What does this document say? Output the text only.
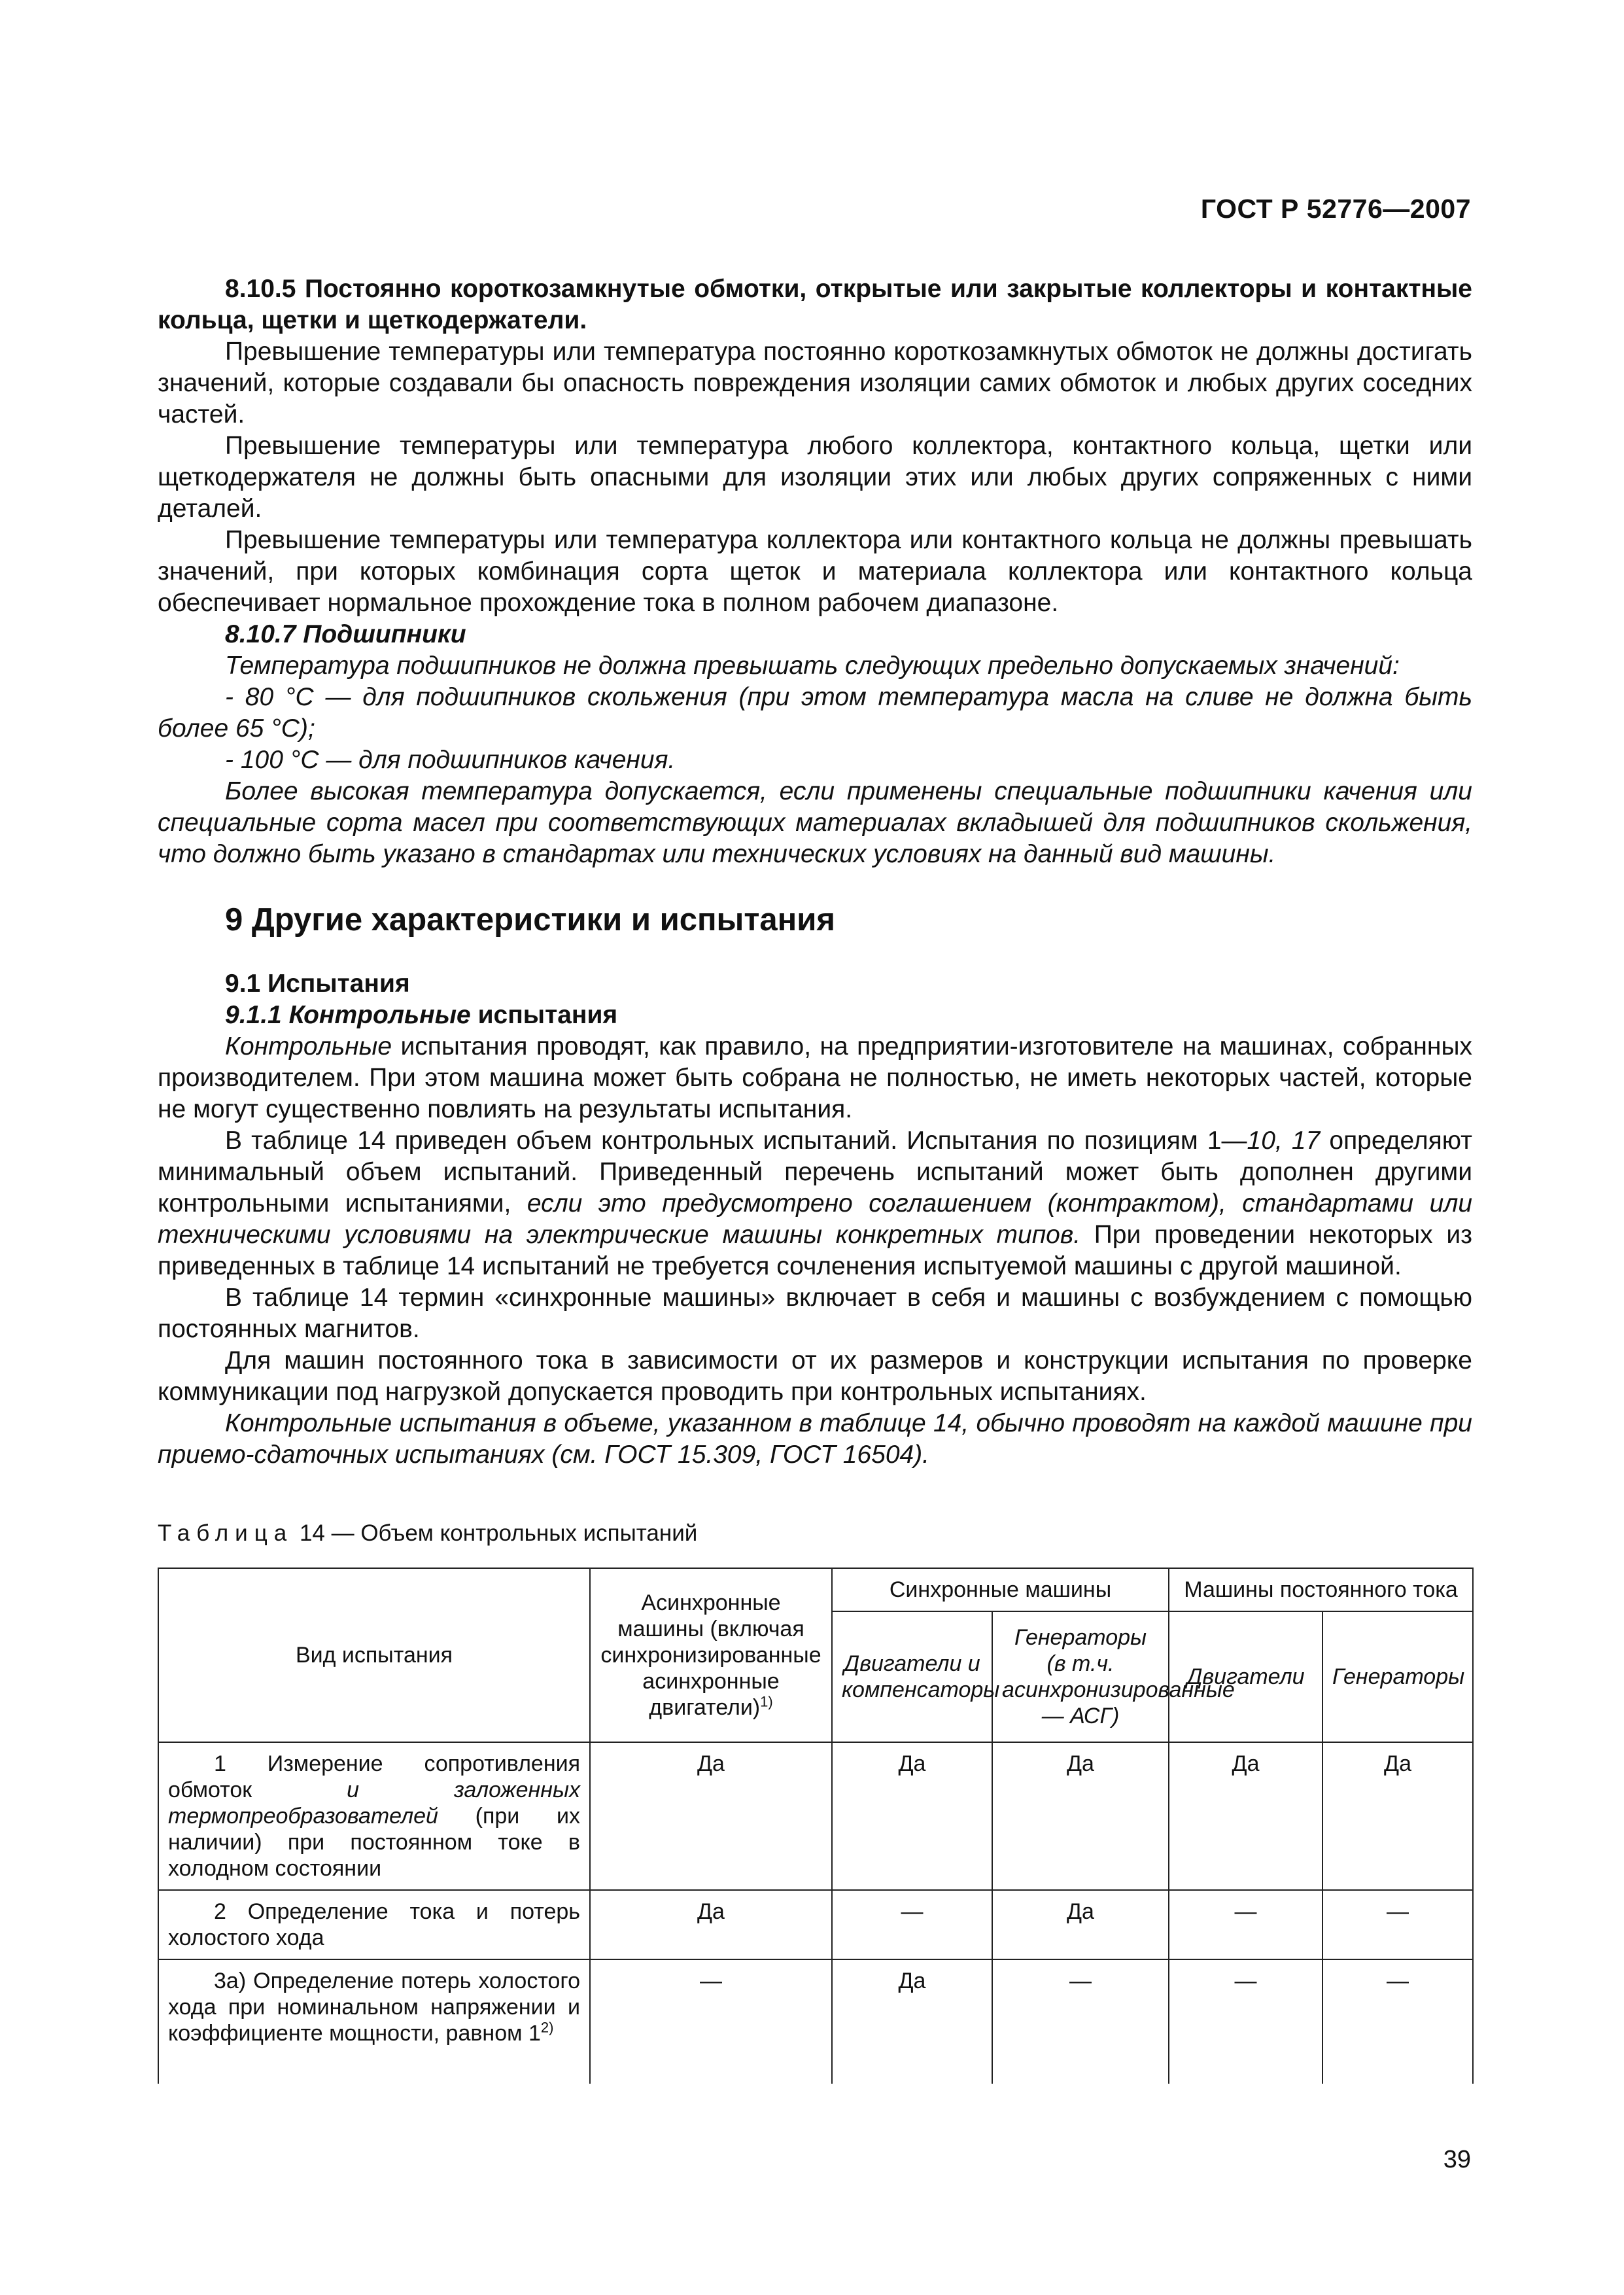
ГОСТ Р 52776—2007

8.10.5 Постоянно короткозамкнутые обмотки, открытые или закрытые коллекторы и контактные кольца, щетки и щеткодержатели.

Превышение температуры или температура постоянно короткозамкнутых обмоток не должны достигать значений, которые создавали бы опасность повреждения изоляции самих обмоток и любых других соседних частей.

Превышение температуры или температура любого коллектора, контактного кольца, щетки или щеткодержателя не должны быть опасными для изоляции этих или любых других сопряженных с ними деталей.

Превышение температуры или температура коллектора или контактного кольца не должны превышать значений, при которых комбинация сорта щеток и материала коллектора или контактного кольца обеспечивает нормальное прохождение тока в полном рабочем диапазоне.

8.10.7 Подшипники

Температура подшипников не должна превышать следующих предельно допускаемых значений:

- 80 °С — для подшипников скольжения (при этом температура масла на сливе не должна быть более 65 °С);

- 100 °С — для подшипников качения.

Более высокая температура допускается, если применены специальные подшипники качения или специальные сорта масел при соответствующих материалах вкладышей для подшипников скольжения, что должно быть указано в стандартах или технических условиях на данный вид машины.

9 Другие характеристики и испытания

9.1 Испытания

9.1.1 Контрольные испытания

Контрольные испытания проводят, как правило, на предприятии-изготовителе на машинах, собранных производителем. При этом машина может быть собрана не полностью, не иметь некоторых частей, которые не могут существенно повлиять на результаты испытания.

В таблице 14 приведен объем контрольных испытаний. Испытания по позициям 1—10, 17 определяют минимальный объем испытаний. Приведенный перечень испытаний может быть дополнен другими контрольными испытаниями, если это предусмотрено соглашением (контрактом), стандартами или техническими условиями на электрические машины конкретных типов. При проведении некоторых из приведенных в таблице 14 испытаний не требуется сочленения испытуемой машины с другой машиной.

В таблице 14 термин «синхронные машины» включает в себя и машины с возбуждением с помощью постоянных магнитов.

Для машин постоянного тока в зависимости от их размеров и конструкции испытания по проверке коммуникации под нагрузкой допускается проводить при контрольных испытаниях.

Контрольные испытания в объеме, указанном в таблице 14, обычно проводят на каждой машине при приемо-сдаточных испытаниях (см. ГОСТ 15.309, ГОСТ 16504).

Таблица 14 — Объем контрольных испытаний
Вид испытания	Асинхронные машины (включая синхронизированные асинхронные двигатели)$^{1)}$	Синхронные машины		Машины постоянного тока	
		Двигатели и компенсаторы	Генераторы (в т.ч. асинхронизированные — АСГ)	Двигатели	Генераторы
1 Измерение сопротивления обмоток и заложенных термопреобразователей (при их наличии) при постоянном токе в холодном состоянии	Да	Да	Да	Да	Да
2 Определение тока и потерь холостого хода	Да	—	Да	—	—
3а) Определение потерь холостого хода при номинальном напряжении и коэффициенте мощности, равном 1$^{2)}$	—	Да	—	—	—
39
